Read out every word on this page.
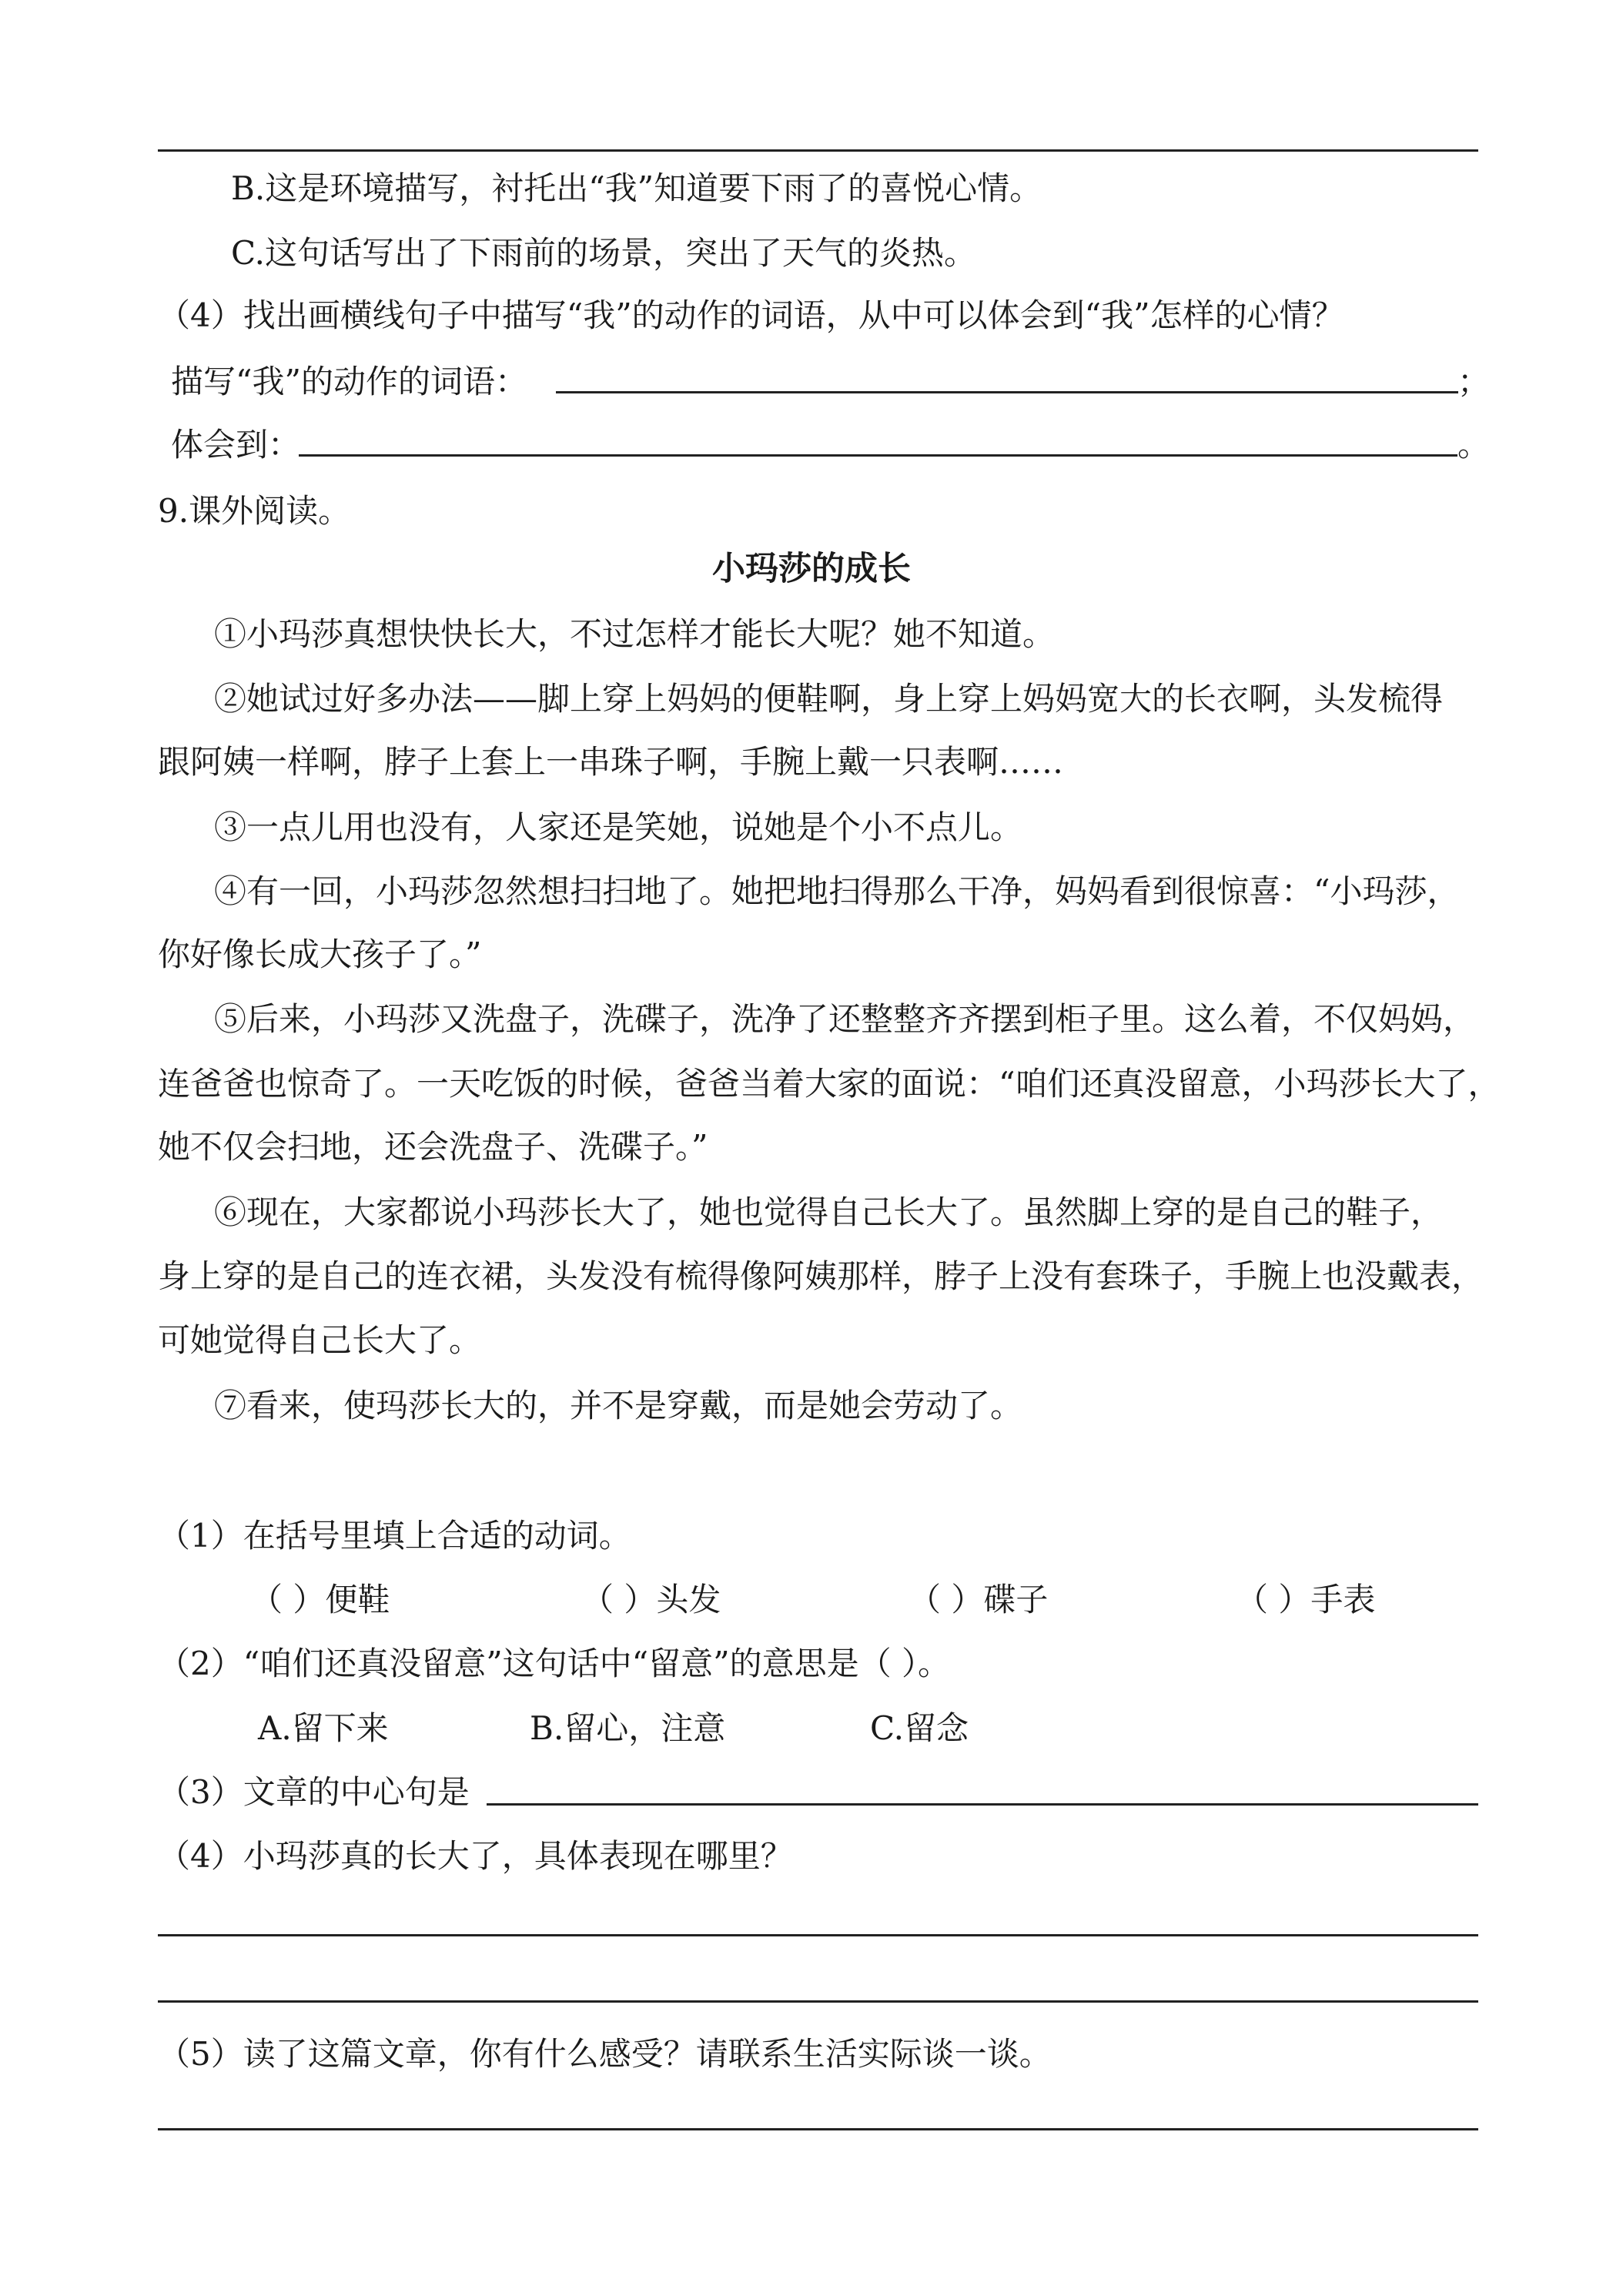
B.这是环境描写，衬托出“我”知道要下雨了的喜悦心情。
C.这句话写出了下雨前的场景，突出了天气的炎热。
（4）找出画横线句子中描写“我”的动作的词语，从中可以体会到“我”怎样的心情？
描写“我”的动作的词语：	；
体会到：	。
9.课外阅读。
小玛莎的成长
①小玛莎真想快快长大，不过怎样才能长大呢？她不知道。
②她试过好多办法——脚上穿上妈妈的便鞋啊，身上穿上妈妈宽大的长衣啊，头发梳得
跟阿姨一样啊，脖子上套上一串珠子啊，手腕上戴一只表啊……
③一点儿用也没有，人家还是笑她，说她是个小不点儿。
④有一回，小玛莎忽然想扫扫地了。她把地扫得那么干净，妈妈看到很惊喜：“小玛莎，
你好像长成大孩子了。”
⑤后来，小玛莎又洗盘子，洗碟子，洗净了还整整齐齐摆到柜子里。这么着，不仅妈妈，
连爸爸也惊奇了。一天吃饭的时候，爸爸当着大家的面说：“咱们还真没留意，小玛莎长大了，
她不仅会扫地，还会洗盘子、洗碟子。”
⑥现在，大家都说小玛莎长大了，她也觉得自己长大了。虽然脚上穿的是自己的鞋子，
身上穿的是自己的连衣裙，头发没有梳得像阿姨那样，脖子上没有套珠子，手腕上也没戴表，
可她觉得自己长大了。
⑦看来，使玛莎长大的，并不是穿戴，而是她会劳动了。
（1）在括号里填上合适的动词。
（ ）便鞋	（ ）头发	（ ）碟子	（ ）手表
（2）“咱们还真没留意”这句话中“留意”的意思是（ ）。
A.留下来	B.留心，注意	C.留念
（3）文章的中心句是
（4）小玛莎真的长大了，具体表现在哪里？
（5）读了这篇文章，你有什么感受？请联系生活实际谈一谈。
